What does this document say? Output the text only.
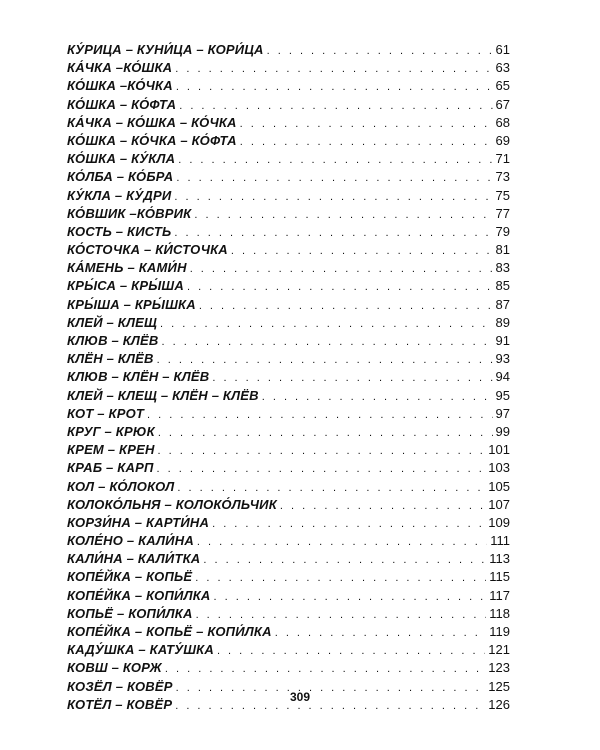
КУ́РИЦА – КУНИ́ЦА – КОРИ́ЦА . . .	61
КА́ЧКА –КО́ШКА . . .	63
КО́ШКА –КО́ЧКА . . .	65
КО́ШКА – КО́ФТА . . .	67
КА́ЧКА – КО́ШКА – КО́ЧКА . . .	68
КО́ШКА – КО́ЧКА – КО́ФТА . . .	69
КО́ШКА – КУ́КЛА . . .	71
КО́ЛБА – КО́БРА . . .	73
КУ́КЛА – КУ́ДРИ . . .	75
КО́ВШИК –КО́ВРИК . . .	77
КОСТЬ – КИСТЬ . . .	79
КО́СТОЧКА – КИ́СТОЧКА . . .	81
КА́МЕНЬ – КАМИ́Н . . .	83
КРЫ́СА – КРЫ́ША . . .	85
КРЫ́ША – КРЫ́ШКА . . .	87
КЛЕЙ – КЛЕЩ . . .	89
КЛЮВ – КЛЁВ . . .	91
КЛЁН – КЛЁВ . . .	93
КЛЮВ – КЛЁН – КЛЁВ . . .	94
КЛЕЙ – КЛЕЩ – КЛЁН – КЛЁВ . . .	95
КОТ – КРОТ . . .	97
КРУГ – КРЮК . . .	99
КРЕМ – КРЕН . . .	101
КРАБ – КАРП . . .	103
КОЛ – КО́ЛОКОЛ . . .	105
КОЛОКО́ЛЬНЯ – КОЛОКО́ЛЬЧИК . . .	107
КОРЗИ́НА – КАРТИ́НА . . .	109
КОЛЕ́НО – КАЛИ́НА . . .	111
КАЛИ́НА – КАЛИ́ТКА . . .	113
КОПЕ́ЙКА – КОПЬЁ . . .	115
КОПЕ́ЙКА – КОПИ́ЛКА . . .	117
КОПЬЁ – КОПИ́ЛКА . . .	118
КОПЕ́ЙКА – КОПЬЁ – КОПИ́ЛКА . . .	119
КАДУ́ШКА – КАТУ́ШКА . . .	121
КОВШ – КОРЖ . . .	123
КОЗЁЛ – КОВЁР . . .	125
КОТЁЛ – КОВЁР . . .	126
309
